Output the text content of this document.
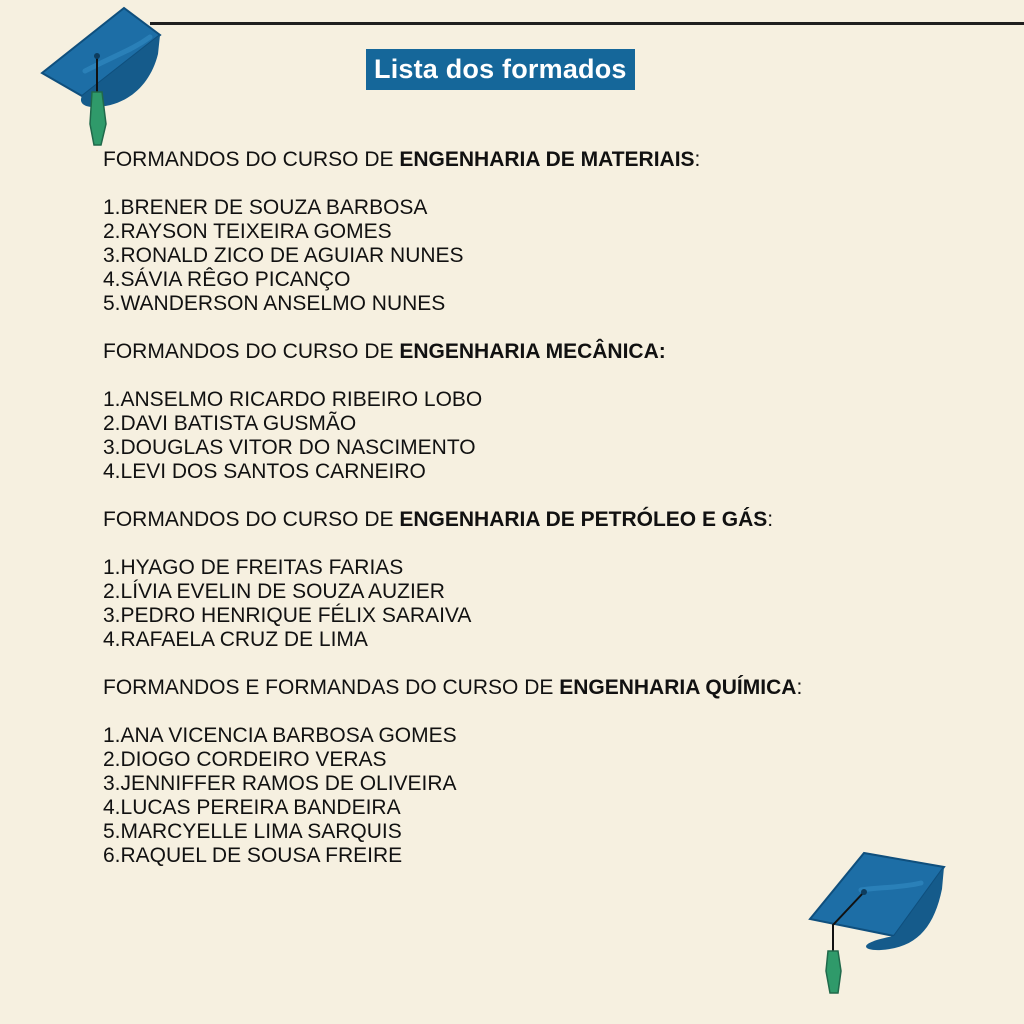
Lista dos formados
FORMANDOS DO CURSO DE ENGENHARIA DE MATERIAIS:
1.BRENER DE SOUZA BARBOSA
2.RAYSON TEIXEIRA GOMES
3.RONALD ZICO DE AGUIAR NUNES
4.SÁVIA RÊGO PICANÇO
5.WANDERSON ANSELMO NUNES
FORMANDOS DO CURSO DE ENGENHARIA MECÂNICA:
1.ANSELMO RICARDO RIBEIRO LOBO
2.DAVI BATISTA GUSMÃO
3.DOUGLAS VITOR DO NASCIMENTO
4.LEVI DOS SANTOS CARNEIRO
FORMANDOS DO CURSO DE ENGENHARIA DE PETRÓLEO E GÁS:
1.HYAGO DE FREITAS FARIAS
2.LÍVIA EVELIN DE SOUZA AUZIER
3.PEDRO HENRIQUE FÉLIX SARAIVA
4.RAFAELA CRUZ DE LIMA
FORMANDOS E FORMANDAS DO CURSO DE ENGENHARIA QUÍMICA:
1.ANA VICENCIA BARBOSA GOMES
2.DIOGO CORDEIRO VERAS
3.JENNIFFER RAMOS DE OLIVEIRA
4.LUCAS PEREIRA BANDEIRA
5.MARCYELLE LIMA SARQUIS
6.RAQUEL DE SOUSA FREIRE
